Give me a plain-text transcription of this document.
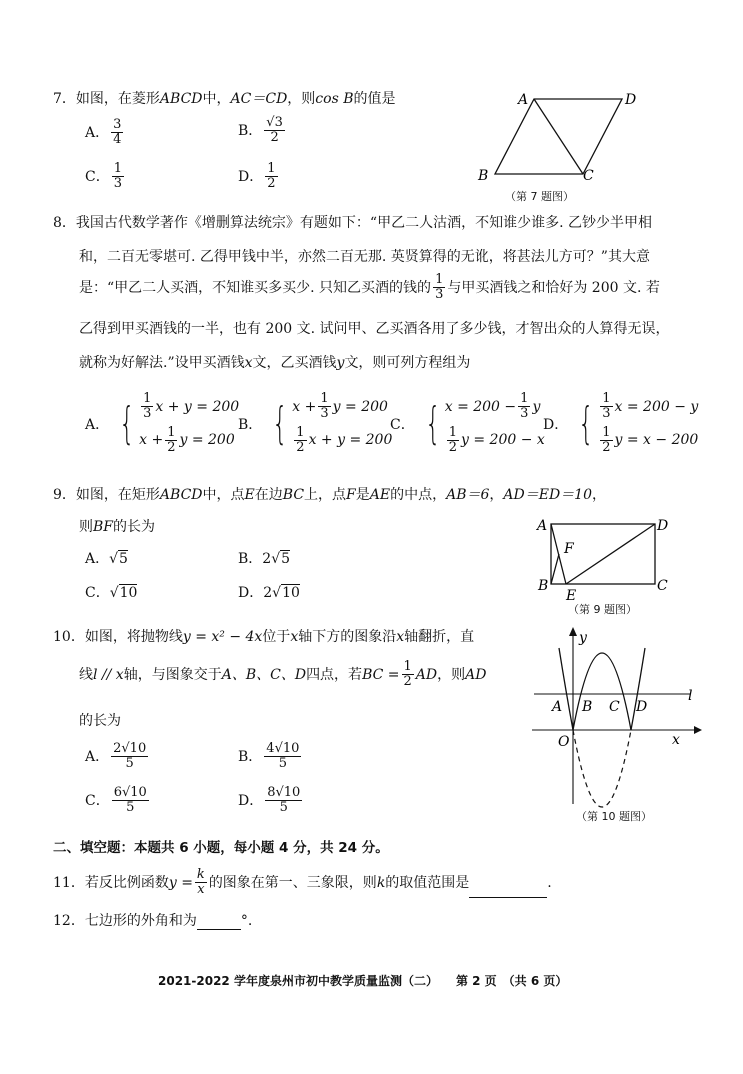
7．如图，在菱形ABCD中，AC＝CD，则cos B的值是
A． $\frac{3}{4}$	B． $\frac{√3}{2}$
C． $\frac{1}{3}$	D． $\frac{1}{2}$
A	D
B	C
（第 7 题图）
8．我国古代数学著作《增删算法统宗》有题如下：“甲乙二人沽酒，不知谁少谁多. 乙钞少半甲相
和，二百无零堪可. 乙得甲钱中半，亦然二百无那. 英贤算得的无讹，将甚法儿方可？”其大意
是：“甲乙二人买酒，不知谁买多买少. 只知乙买酒的钱的 $\frac{1}{3}$ 与甲买酒钱之和恰好为 200 文. 若
乙得到甲买酒钱的一半，也有 200 文. 试问甲、乙买酒各用了多少钱，才智出众的人算得无误，
就称为好解法.”设甲买酒钱x文，乙买酒钱y文，则可列方程组为
A． { $\frac{1}{3}$ x + y = 200
$x + \frac{1}{2}$ y = 200
B． { $x + \frac{1}{3}$ y = 200
$\frac{1}{2}$ x + y = 200
C． { $x = 200 - \frac{1}{3}$ y
$\frac{1}{2}$ y = 200 − x
D． { $\frac{1}{3}$ x = 200 − y
$\frac{1}{2}$ y = x − 200
9．如图，在矩形ABCD中，点E在边BC上，点F是AE的中点，AB＝6，AD＝ED＝10，
则BF的长为
A．√5	B．2√5
C．√10	D．2√10
A	D
F
B
E
C
（第 9 题图）
10．如图，将抛物线y = x² − 4x位于x轴下方的图象沿x轴翻折，直
线l // x轴，与图象交于A、B、C、D四点，若BC = $\frac{1}{2}$ AD，则AD
的长为
A． $\frac{2√10}{5}$	B． $\frac{4√10}{5}$
C． $\frac{6√10}{5}$	D． $\frac{8√10}{5}$
y
x
l
O
A B C D
（第 10 题图）
二、填空题：本题共 6 小题，每小题 4 分，共 24 分。
11．若反比例函数$y = \frac{k}{x}$ 的图象在第一、三象限，则k的取值范围是	.
12．七边形的外角和为	°.
2021-2022 学年度泉州市初中教学质量监测（二）　　第 2 页　（共 6 页）
